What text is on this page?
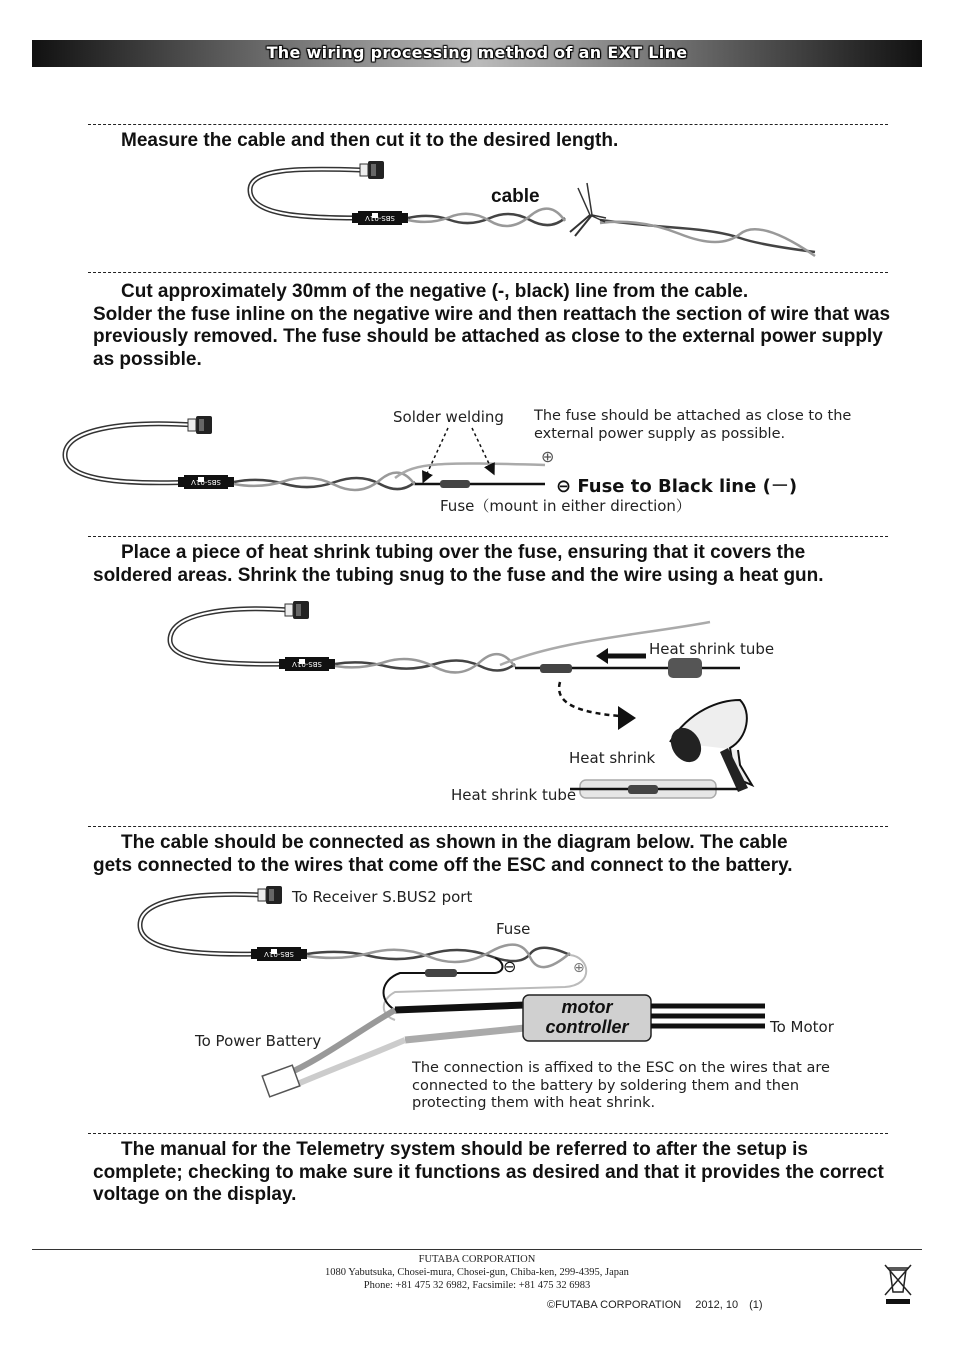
The wiring processing method of an EXT Line

Measure the cable and then cut it to the desired length.

Cut approximately 30mm of the negative (-, black) line from the cable.
Solder the fuse inline on the negative wire and then reattach the section of wire that was previously removed. The fuse should be attached as close to the external power supply as possible.

Place a piece of heat shrink tubing over the fuse, ensuring that it covers the
soldered areas. Shrink the tubing snug to the fuse and the wire using a heat gun.

The cable should be connected as shown in the diagram below. The cable
gets connected to the wires that come off the ESC and connect to the battery.

The manual for the Telemetry system should be referred to after the setup is
complete; checking to make sure it functions as desired and that it provides the correct voltage on the display.

SBS-01V
⊕
SBS-01V
SBS-01V
⊖	⊕
motor
controller
SBS-01V
cable
Solder welding The fuse should be attached as close to the external power supply as possible.
⊖ Fuse to Black line (－)
Fuse（mount in either direction）
Heat shrink tube
Heat shrink
Heat shrink tube
To Receiver S.BUS2 port
Fuse
To Power Battery
To Motor
The connection is affixed to the ESC on the wires that are connected to the battery by soldering them and then protecting them with heat shrink.
FUTABA CORPORATION
1080 Yabutsuka, Chosei-mura, Chosei-gun, Chiba-ken, 299-4395, Japan
Phone: +81 475 32 6982, Facsimile: +81 475 32 6983
©FUTABA CORPORATION　 2012, 10　(1)
